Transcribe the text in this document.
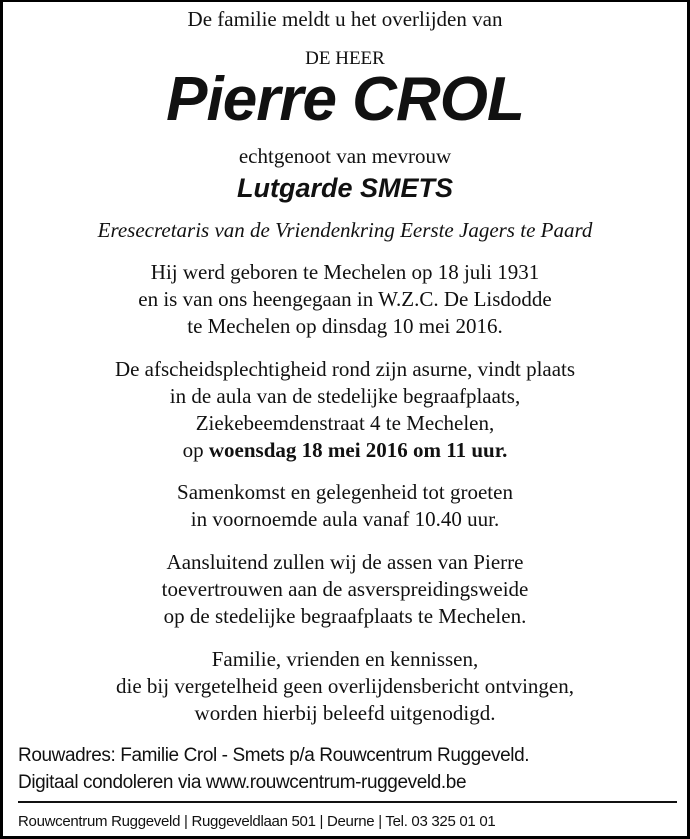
De familie meldt u het overlijden van
DE HEER
Pierre CROL
echtgenoot van mevrouw
Lutgarde SMETS
Eresecretaris van de Vriendenkring Eerste Jagers te Paard
Hij werd geboren te Mechelen op 18 juli 1931
en is van ons heengegaan in W.Z.C. De Lisdodde
te Mechelen op dinsdag 10 mei 2016.
De afscheidsplechtigheid rond zijn asurne, vindt plaats
in de aula van de stedelijke begraafplaats,
Ziekebeemdenstraat 4 te Mechelen,
op woensdag 18 mei 2016 om 11 uur.
Samenkomst en gelegenheid tot groeten
in voornoemde aula vanaf 10.40 uur.
Aansluitend zullen wij de assen van Pierre
toevertrouwen aan de asverspreidingsweide
op de stedelijke begraafplaats te Mechelen.
Familie, vrienden en kennissen,
die bij vergetelheid geen overlijdensbericht ontvingen,
worden hierbij beleefd uitgenodigd.
Rouwadres: Familie Crol - Smets p/a Rouwcentrum Ruggeveld.
Digitaal condoleren via www.rouwcentrum-ruggeveld.be
Rouwcentrum Ruggeveld | Ruggeveldlaan 501 | Deurne | Tel. 03 325 01 01
